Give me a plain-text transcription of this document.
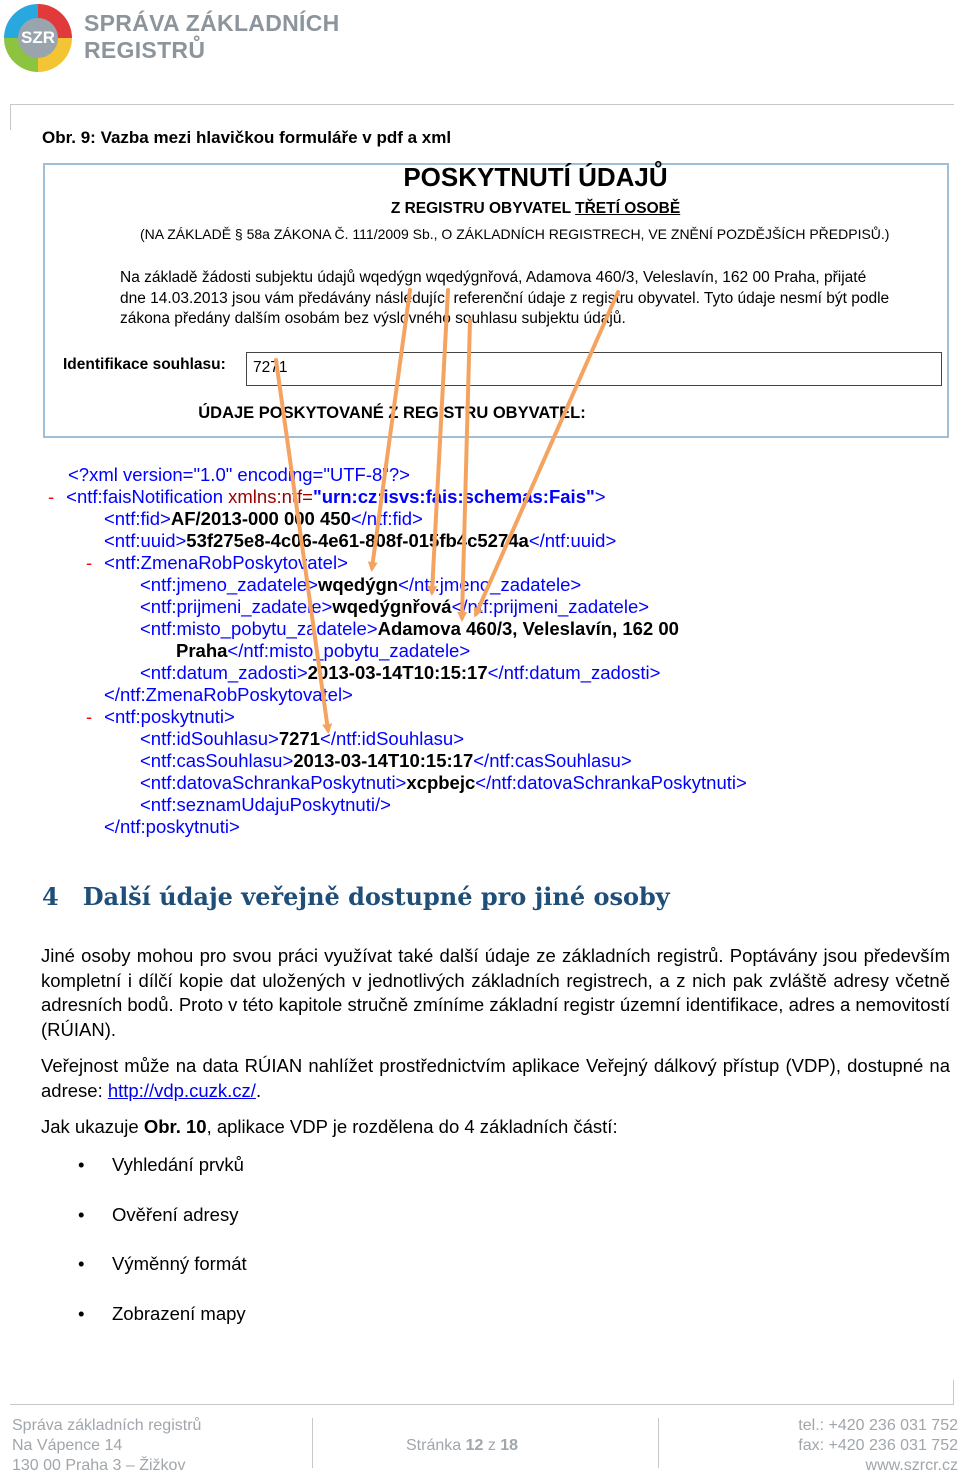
SZR
SPRÁVA ZÁKLADNÍCH
REGISTRŮ
Obr. 9: Vazba mezi hlavičkou formuláře v pdf a xml
POSKYTNUTÍ ÚDAJŮ
Z REGISTRU OBYVATEL TŘETÍ OSOBĚ
(NA ZÁKLADĚ § 58a ZÁKONA Č. 111/2009 Sb., O ZÁKLADNÍCH REGISTRECH, VE ZNĚNÍ POZDĚJŠÍCH PŘEDPISŮ.)
Na základě žádosti subjektu údajů wqedýgn wqedýgnřová, Adamova 460/3, Veleslavín, 162 00 Praha, přijaté dne 14.03.2013 jsou vám předávány následující referenční údaje z registru obyvatel. Tyto údaje nesmí být podle zákona předány dalším osobám bez výslovného souhlasu subjektu údajů.
Identifikace souhlasu:	7271
ÚDAJE POSKYTOVANÉ Z REGISTRU OBYVATEL:
<?xml version="1.0" encoding="UTF-8"?>
- <ntf:faisNotification xmlns:ntf="urn:cz:isvs:fais:schemas:Fais">
<ntf:fid>AF/2013-000 000 450</ntf:fid>
<ntf:uuid>53f275e8-4c06-4e61-808f-015fb4c5274a</ntf:uuid>
- <ntf:ZmenaRobPoskytovatel>
<ntf:jmeno_zadatele>wqedýgn</ntf:jmeno_zadatele>
<ntf:prijmeni_zadatele>wqedýgnřová</ntf:prijmeni_zadatele>
<ntf:misto_pobytu_zadatele>Adamova 460/3, Veleslavín, 162 00
Praha</ntf:misto_pobytu_zadatele>
<ntf:datum_zadosti>2013-03-14T10:15:17</ntf:datum_zadosti>
</ntf:ZmenaRobPoskytovatel>
- <ntf:poskytnuti>
<ntf:idSouhlasu>7271</ntf:idSouhlasu>
<ntf:casSouhlasu>2013-03-14T10:15:17</ntf:casSouhlasu>
<ntf:datovaSchrankaPoskytnuti>xcpbejc</ntf:datovaSchrankaPoskytnuti>
<ntf:seznamUdajuPoskytnuti/>
</ntf:poskytnuti>
4 Další údaje veřejně dostupné pro jiné osoby
Jiné osoby mohou pro svou práci využívat také další údaje ze základních registrů. Poptávány jsou především kompletní i dílčí kopie dat uložených v jednotlivých základních registrech, a z nich pak zvláště adresy včetně adresních bodů. Proto v této kapitole stručně zmíníme základní registr územní identifikace, adres a nemovitostí (RÚIAN).
Veřejnost může na data RÚIAN nahlížet prostřednictvím aplikace Veřejný dálkový přístup (VDP), dostupné na adrese: http://vdp.cuzk.cz/.
Jak ukazuje Obr. 10, aplikace VDP je rozdělena do 4 základních částí:
• Vyhledání prvků
• Ověření adresy
• Výměnný formát
• Zobrazení mapy
Správa základních registrů
Na Vápence 14
130 00 Praha 3 – Žižkov
Stránka 12 z 18
tel.: +420 236 031 752
fax: +420 236 031 752
www.szrcr.cz
